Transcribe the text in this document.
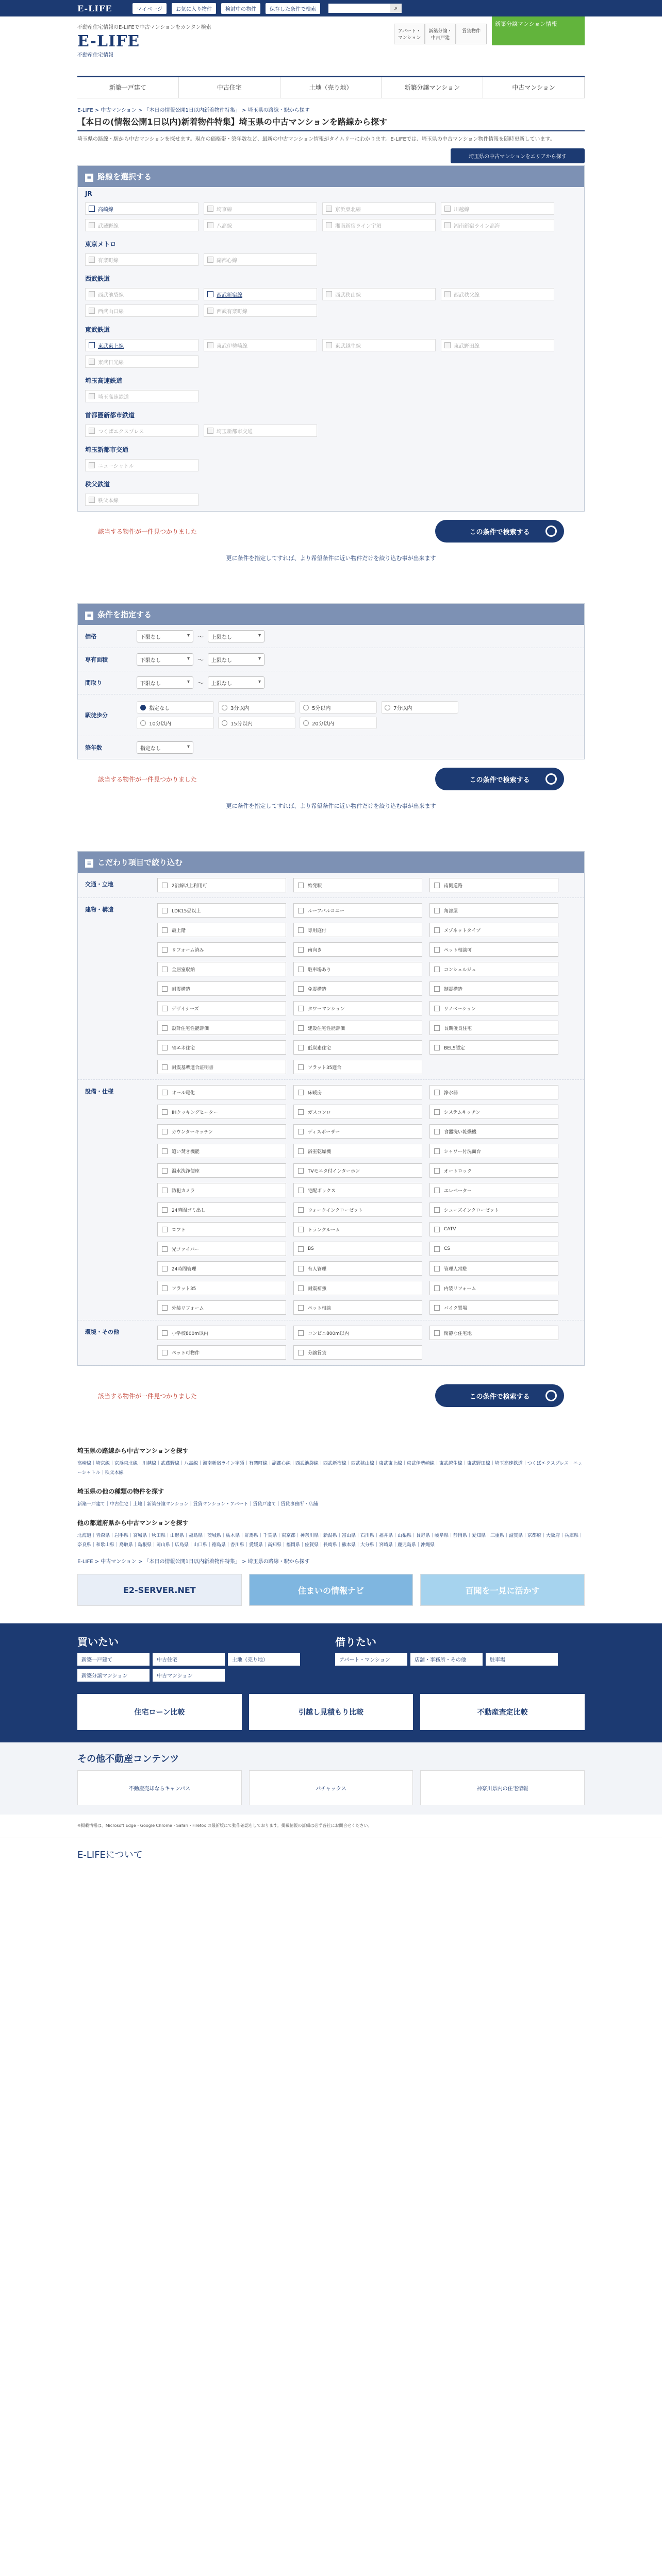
E-LIFE	マイページ	お気に入り物件	検討中の物件	保存した条件で検索	⌕
不動産住宅情報のE-LIFEで中古マンションをカンタン検索
E-LIFE
不動産住宅情報
アパート・マンション
新築分譲・中古戸建
賃貸物件
新築分譲マンション情報
新築一戸建て	中古住宅	土地（売り地）	新築分譲マンション	中古マンション
E-LIFE > 中古マンション > 「本日の情報公開1日以内新着物件特集」 > 埼玉県の路線・駅から探す
【本日の(情報公開1日以内)新着物件特集】埼玉県の中古マンションを路線から探す
埼玉県の路線・駅から中古マンションを探せます。現在の価格帯・築年数など、最新の中古マンション情報がタイムリーにわかります。E-LIFEでは、埼玉県の中古マンション物件情報を随時更新しています。
埼玉県の中古マンションをエリアから探す
≡ 路線を選択する
JR
高崎線	埼京線	京浜東北線	川越線
武蔵野線	八高線	湘南新宿ライン宇須	湘南新宿ライン高海
東京メトロ
有楽町線	副都心線
西武鉄道
西武池袋線	西武新宿線	西武狭山線	西武秩父線
西武山口線	西武有楽町線
東武鉄道
東武東上線	東武伊勢崎線	東武越生線	東武野田線
東武日光線
埼玉高速鉄道
埼玉高速鉄道
首都圏新都市鉄道
つくばエクスプレス	埼玉新都市交通
埼玉新都市交通
ニューシャトル
秩父鉄道
秩父本線
該当する物件が一件見つかりました	この条件で検索する
更に条件を指定してすれば、より希望条件に近い物件だけを絞り込む事が出来ます
≡ 条件を指定する
価格	下限なし ▾	〜	上限なし ▾
専有面積	下限なし ▾	〜	上限なし ▾
間取り	下限なし ▾	〜	上限なし ▾
駅徒歩分
指定なし	3分以内	5分以内	7分以内
10分以内	15分以内	20分以内
築年数	指定なし ▾
該当する物件が一件見つかりました	この条件で検索する
更に条件を指定してすれば、より希望条件に近い物件だけを絞り込む事が出来ます
≡ こだわり項目で絞り込む
交通・立地	2沿線以上利用可	始発駅	南側道路
建物・構造	LDK15畳以上	ルーフバルコニー	角部屋
最上階	専用庭付	メゾネットタイプ
リフォーム済み	南向き	ペット相談可
全居室収納	駐車場あり	コンシェルジュ
耐震構造	免震構造	制震構造
デザイナーズ	タワーマンション	リノベーション
設計住宅性能評価	建設住宅性能評価	長期優良住宅
省エネ住宅	低炭素住宅	BELS認定
耐震基準適合証明書	フラット35適合
設備・仕様	オール電化	床暖房	浄水器
IHクッキングヒーター	ガスコンロ	システムキッチン
カウンターキッチン	ディスポーザー	食器洗い乾燥機
追い焚き機能	浴室乾燥機	シャワー付洗面台
温水洗浄便座	TVモニタ付インターホン	オートロック
防犯カメラ	宅配ボックス	エレベーター
24時間ゴミ出し	ウォークインクローゼット	シューズインクローゼット
ロフト	トランクルーム	CATV
光ファイバー	BS	CS
24時間管理	有人管理	管理人常駐
フラット35	耐震補強	内装リフォーム
外装リフォーム	ペット相談	バイク置場
環境・その他	小学校800m以内	コンビニ800m以内	閑静な住宅地
ペット可物件	分譲賃貸
該当する物件が一件見つかりました	この条件で検索する
埼玉県の路線から中古マンションを探す

高崎線｜埼京線｜京浜東北線｜川越線｜武蔵野線｜八高線｜湘南新宿ライン宇須｜有楽町線｜副都心線｜西武池袋線｜西武新宿線｜西武狭山線｜東武東上線｜東武伊勢崎線｜東武越生線｜東武野田線｜埼玉高速鉄道｜つくばエクスプレス｜ニューシャトル｜秩父本線

埼玉県の他の種類の物件を探す

新築一戸建て｜中古住宅｜土地｜新築分譲マンション｜賃貸マンション・アパート｜賃貸戸建て｜賃貸事務所・店舗

他の都道府県から中古マンションを探す

北海道｜青森県｜岩手県｜宮城県｜秋田県｜山形県｜福島県｜茨城県｜栃木県｜群馬県｜千葉県｜東京都｜神奈川県｜新潟県｜富山県｜石川県｜福井県｜山梨県｜長野県｜岐阜県｜静岡県｜愛知県｜三重県｜滋賀県｜京都府｜大阪府｜兵庫県｜奈良県｜和歌山県｜鳥取県｜島根県｜岡山県｜広島県｜山口県｜徳島県｜香川県｜愛媛県｜高知県｜福岡県｜佐賀県｜長崎県｜熊本県｜大分県｜宮崎県｜鹿児島県｜沖縄県

E-LIFE > 中古マンション > 「本日の情報公開1日以内新着物件特集」 > 埼玉県の路線・駅から探す
E2-SERVER.NET	住まいの情報ナビ	百聞を一見に活かす
買いたい
新築一戸建て	中古住宅	土地（売り地）
新築分譲マンション	中古マンション
借りたい
アパート・マンション	店舗・事務所・その他	駐車場
住宅ローン比較	引越し見積もり比較	不動産査定比較
その他不動産コンテンツ
不動産売却ならキャンパス	パチャックス	神奈川県内の住宅情報
※掲載情報は、Microsoft Edge・Google Chrome・Safari・Firefox の最新版にて動作確認をしております。掲載情報の詳細は必ず各社にお問合せください。
E-LIFEについて
